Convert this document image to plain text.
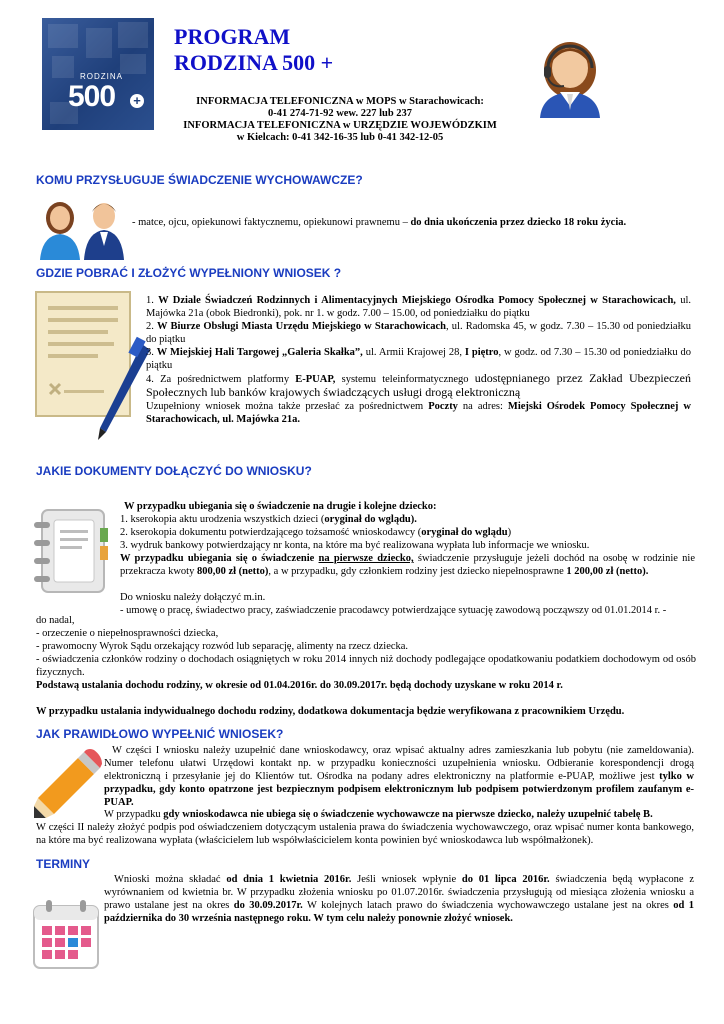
RODZINA
500 +
PROGRAM
RODZINA 500 +
INFORMACJA TELEFONICZNA w MOPS w Starachowicach:
0-41 274-71-92 wew. 227 lub 237
INFORMACJA TELEFONICZNA w URZĘDZIE WOJEWÓDZKIM
w Kielcach: 0-41 342-16-35 lub 0-41 342-12-05
KOMU PRZYSŁUGUJE ŚWIADCZENIE WYCHOWAWCZE?
- matce, ojcu, opiekunowi faktycznemu, opiekunowi prawnemu – do dnia ukończenia przez dziecko 18 roku życia.
GDZIE POBRAĆ I ZŁOŻYĆ WYPEŁNIONY WNIOSEK ?
1. W Dziale Świadczeń Rodzinnych i Alimentacyjnych Miejskiego Ośrodka Pomocy Społecznej w Starachowicach, ul. Majówka 21a (obok Biedronki), pok. nr 1. w godz. 7.00 – 15.00, od poniedziałku do piątku
2. W Biurze Obsługi Miasta Urzędu Miejskiego w Starachowicach, ul. Radomska 45, w godz. 7.30 – 15.30 od poniedziałku do piątku
3. W Miejskiej Hali Targowej „Galeria Skałka”, ul. Armii Krajowej 28, I piętro, w godz. od 7.30 – 15.30 od poniedziałku do piątku
4. Za pośrednictwem platformy E-PUAP, systemu teleinformatycznego udostępnianego przez Zakład Ubezpieczeń Społecznych lub banków krajowych świadczących usługi drogą elektroniczną
Uzupełniony wniosek można także przesłać za pośrednictwem Poczty na adres: Miejski Ośrodek Pomocy Społecznej w Starachowicach, ul. Majówka 21a.
JAKIE DOKUMENTY DOŁĄCZYĆ DO WNIOSKU?
W przypadku ubiegania się o świadczenie na drugie i kolejne dziecko:
1. kserokopia aktu urodzenia wszystkich dzieci (oryginał do wglądu).
2. kserokopia dokumentu potwierdzającego tożsamość wnioskodawcy (oryginał do wglądu)
3. wydruk bankowy potwierdzający nr konta, na które ma być realizowana wypłata lub informacje we wniosku.
W przypadku ubiegania się o świadczenie na pierwsze dziecko, świadczenie przysługuje jeżeli dochód na osobę w rodzinie nie przekracza kwoty 800,00 zł (netto), a w przypadku, gdy członkiem rodziny jest dziecko niepełnosprawne 1 200,00 zł (netto).
Do wniosku należy dołączyć m.in.
- umowę o pracę, świadectwo pracy, zaświadczenie pracodawcy potwierdzające sytuację zawodową począwszy od 01.01.2014 r. -
do nadal,
- orzeczenie o niepełnosprawności dziecka,
- prawomocny Wyrok Sądu orzekający rozwód lub separację, alimenty na rzecz dziecka.
- oświadczenia członków rodziny o dochodach osiągniętych w roku 2014 innych niż dochody podlegające opodatkowaniu podatkiem dochodowym od osób fizycznych.
Podstawą ustalania dochodu rodziny, w okresie od 01.04.2016r. do 30.09.2017r. będą dochody uzyskane w roku 2014 r.
W przypadku ustalania indywidualnego dochodu rodziny, dodatkowa dokumentacja będzie weryfikowana z pracownikiem Urzędu.
JAK PRAWIDŁOWO WYPEŁNIĆ WNIOSEK?
W części I wniosku należy uzupełnić dane wnioskodawcy, oraz wpisać aktualny adres zamieszkania lub pobytu (nie zameldowania). Numer telefonu ułatwi Urzędowi kontakt np. w przypadku konieczności uzupełnienia wniosku. Odbieranie korespondencji drogą elektroniczną i przesyłanie jej do Klientów tut. Ośrodka na podany adres elektroniczny na platformie e-PUAP, możliwe jest tylko w przypadku, gdy konto opatrzone jest bezpiecznym podpisem elektronicznym lub podpisem potwierdzonym profilem zaufanym e-PUAP.
W przypadku gdy wnioskodawca nie ubiega się o świadczenie wychowawcze na pierwsze dziecko, należy uzupełnić tabelę B.
W części II należy złożyć podpis pod oświadczeniem dotyczącym ustalenia prawa do świadczenia wychowawczego, oraz wpisać numer konta bankowego, na które ma być realizowana wypłata (właścicielem lub współwłaścicielem konta powinien być wnioskodawca lub współmałżonek).
TERMINY
Wnioski można składać od dnia 1 kwietnia 2016r. Jeśli wniosek wpłynie do 01 lipca 2016r. świadczenia będą wypłacone z wyrównaniem od kwietnia br. W przypadku złożenia wniosku po 01.07.2016r. świadczenia przysługują od miesiąca złożenia wniosku a prawo ustalane jest na okres do 30.09.2017r. W kolejnych latach prawo do świadczenia wychowawczego ustalane jest na okres od 1 października do 30 września następnego roku. W tym celu należy ponownie złożyć wniosek.
